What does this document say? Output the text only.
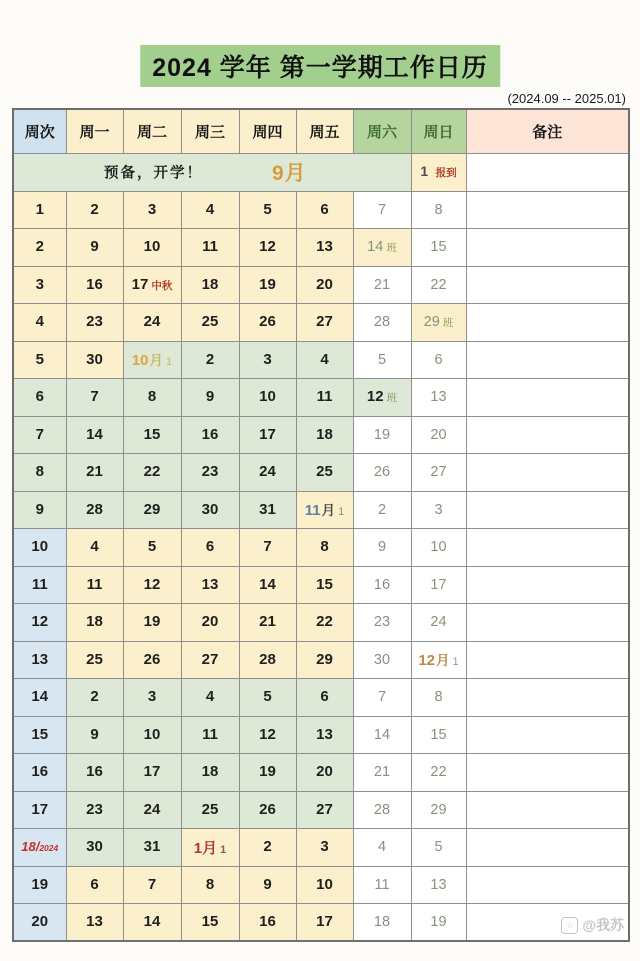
2024 学年 第一学期工作日历
(2024.09 -- 2025.01)
周次	周一	周二	周三	周四	周五	周六	周日	备注

预备，开学！ 9月							1 报到	
1	2	3	4	5	6	7	8	
2	9	10	11	12	13	14 班	15	
3	16	17 中秋	18	19	20	21	22	
4	23	24	25	26	27	28	29 班	
5	30	10月 1	2	3	4	5	6	
6	7	8	9	10	11	12 班	13	
7	14	15	16	17	18	19	20	
8	21	22	23	24	25	26	27	
9	28	29	30	31	11月 1	2	3	
10	4	5	6	7	8	9	10	
11	11	12	13	14	15	16	17	
12	18	19	20	21	22	23	24	
13	25	26	27	28	29	30	12月 1	
14	2	3	4	5	6	7	8	
15	9	10	11	12	13	14	15	
16	16	17	18	19	20	21	22	
17	23	24	25	26	27	28	29	
18/2024	30	31	1月 1	2	3	4	5	
19	6	7	8	9	10	11	13	
20	13	14	15	16	17	18	19		☆ @我苏
